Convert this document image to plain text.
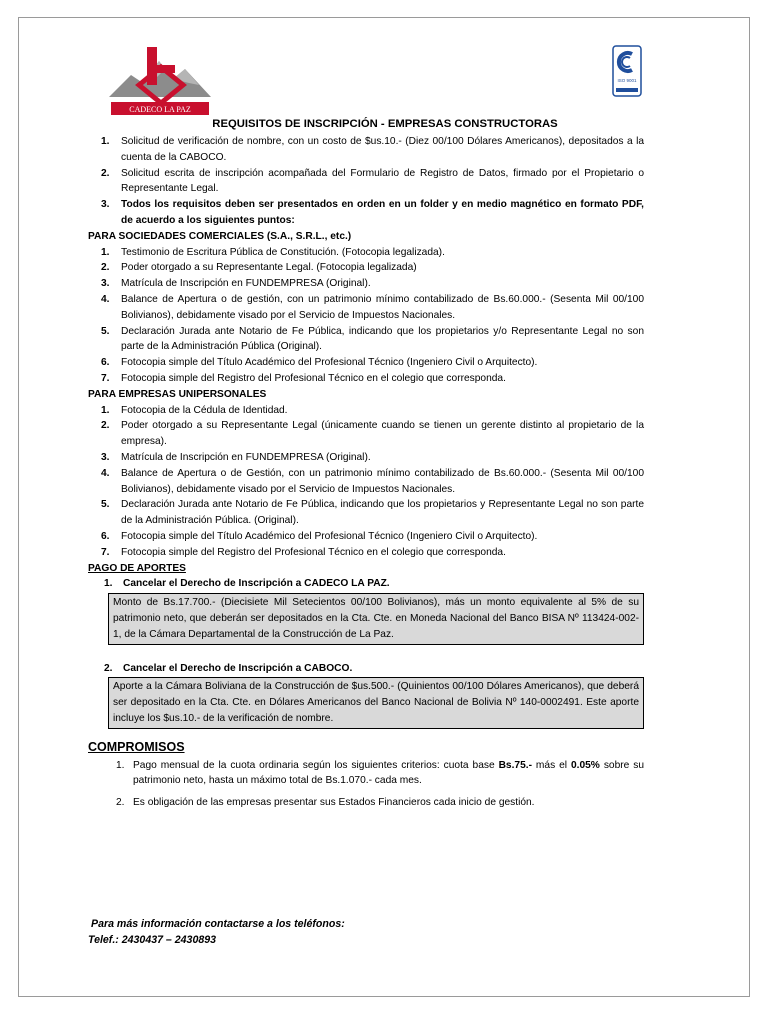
CADECO LA PAZ
ISO 9001
REQUISITOS DE INSCRIPCIÓN - EMPRESAS CONSTRUCTORAS
1. Solicitud de verificación de nombre, con un costo de $us.10.- (Diez 00/100 Dólares Americanos), depositados a la cuenta de la CABOCO.
2. Solicitud escrita de inscripción acompañada del Formulario de Registro de Datos, firmado por el Propietario o Representante Legal.
3. Todos los requisitos deben ser presentados en orden en un folder y en medio magnético en formato PDF, de acuerdo a los siguientes puntos:
PARA SOCIEDADES COMERCIALES (S.A., S.R.L., etc.)
1. Testimonio de Escritura Pública de Constitución. (Fotocopia legalizada).
2. Poder otorgado a su Representante Legal. (Fotocopia legalizada)
3. Matrícula de Inscripción en FUNDEMPRESA (Original).
4. Balance de Apertura o de gestión, con un patrimonio mínimo contabilizado de Bs.60.000.- (Sesenta Mil 00/100 Bolivianos), debidamente visado por el Servicio de Impuestos Nacionales.
5. Declaración Jurada ante Notario de Fe Pública, indicando que los propietarios y/o Representante Legal no son parte de la Administración Pública (Original).
6. Fotocopia simple del Título Académico del Profesional Técnico (Ingeniero Civil o Arquitecto).
7. Fotocopia simple del Registro del Profesional Técnico en el colegio que corresponda.
PARA EMPRESAS UNIPERSONALES
1. Fotocopia de la Cédula de Identidad.
2. Poder otorgado a su Representante Legal (únicamente cuando se tienen un gerente distinto al propietario de la empresa).
3. Matrícula de Inscripción en FUNDEMPRESA (Original).
4. Balance de Apertura o de Gestión, con un patrimonio mínimo contabilizado de Bs.60.000.- (Sesenta Mil 00/100 Bolivianos), debidamente visado por el Servicio de Impuestos Nacionales.
5. Declaración Jurada ante Notario de Fe Pública, indicando que los propietarios y Representante Legal no son parte de la Administración Pública. (Original).
6. Fotocopia simple del Título Académico del Profesional Técnico (Ingeniero Civil o Arquitecto).
7. Fotocopia simple del Registro del Profesional Técnico en el colegio que corresponda.
PAGO DE APORTES
1. Cancelar el Derecho de Inscripción a CADECO LA PAZ.
Monto de Bs.17.700.- (Diecisiete Mil Setecientos 00/100 Bolivianos), más un monto equivalente al 5% de su patrimonio neto, que deberán ser depositados en la Cta. Cte. en Moneda Nacional del Banco BISA Nº 113424-002-1, de la Cámara Departamental de la Construcción de La Paz.
2. Cancelar el Derecho de Inscripción a CABOCO.
Aporte a la Cámara Boliviana de la Construcción de $us.500.- (Quinientos 00/100 Dólares Americanos), que deberá ser depositado en la Cta. Cte. en Dólares Americanos del Banco Nacional de Bolivia Nº 140-0002491. Este aporte incluye los $us.10.- de la verificación de nombre.
COMPROMISOS
1. Pago mensual de la cuota ordinaria según los siguientes criterios: cuota base Bs.75.- más el 0.05% sobre su patrimonio neto, hasta un máximo total de Bs.1.070.- cada mes.
2. Es obligación de las empresas presentar sus Estados Financieros cada inicio de gestión.
Para más información contactarse a los teléfonos:
Telef.: 2430437 – 2430893
